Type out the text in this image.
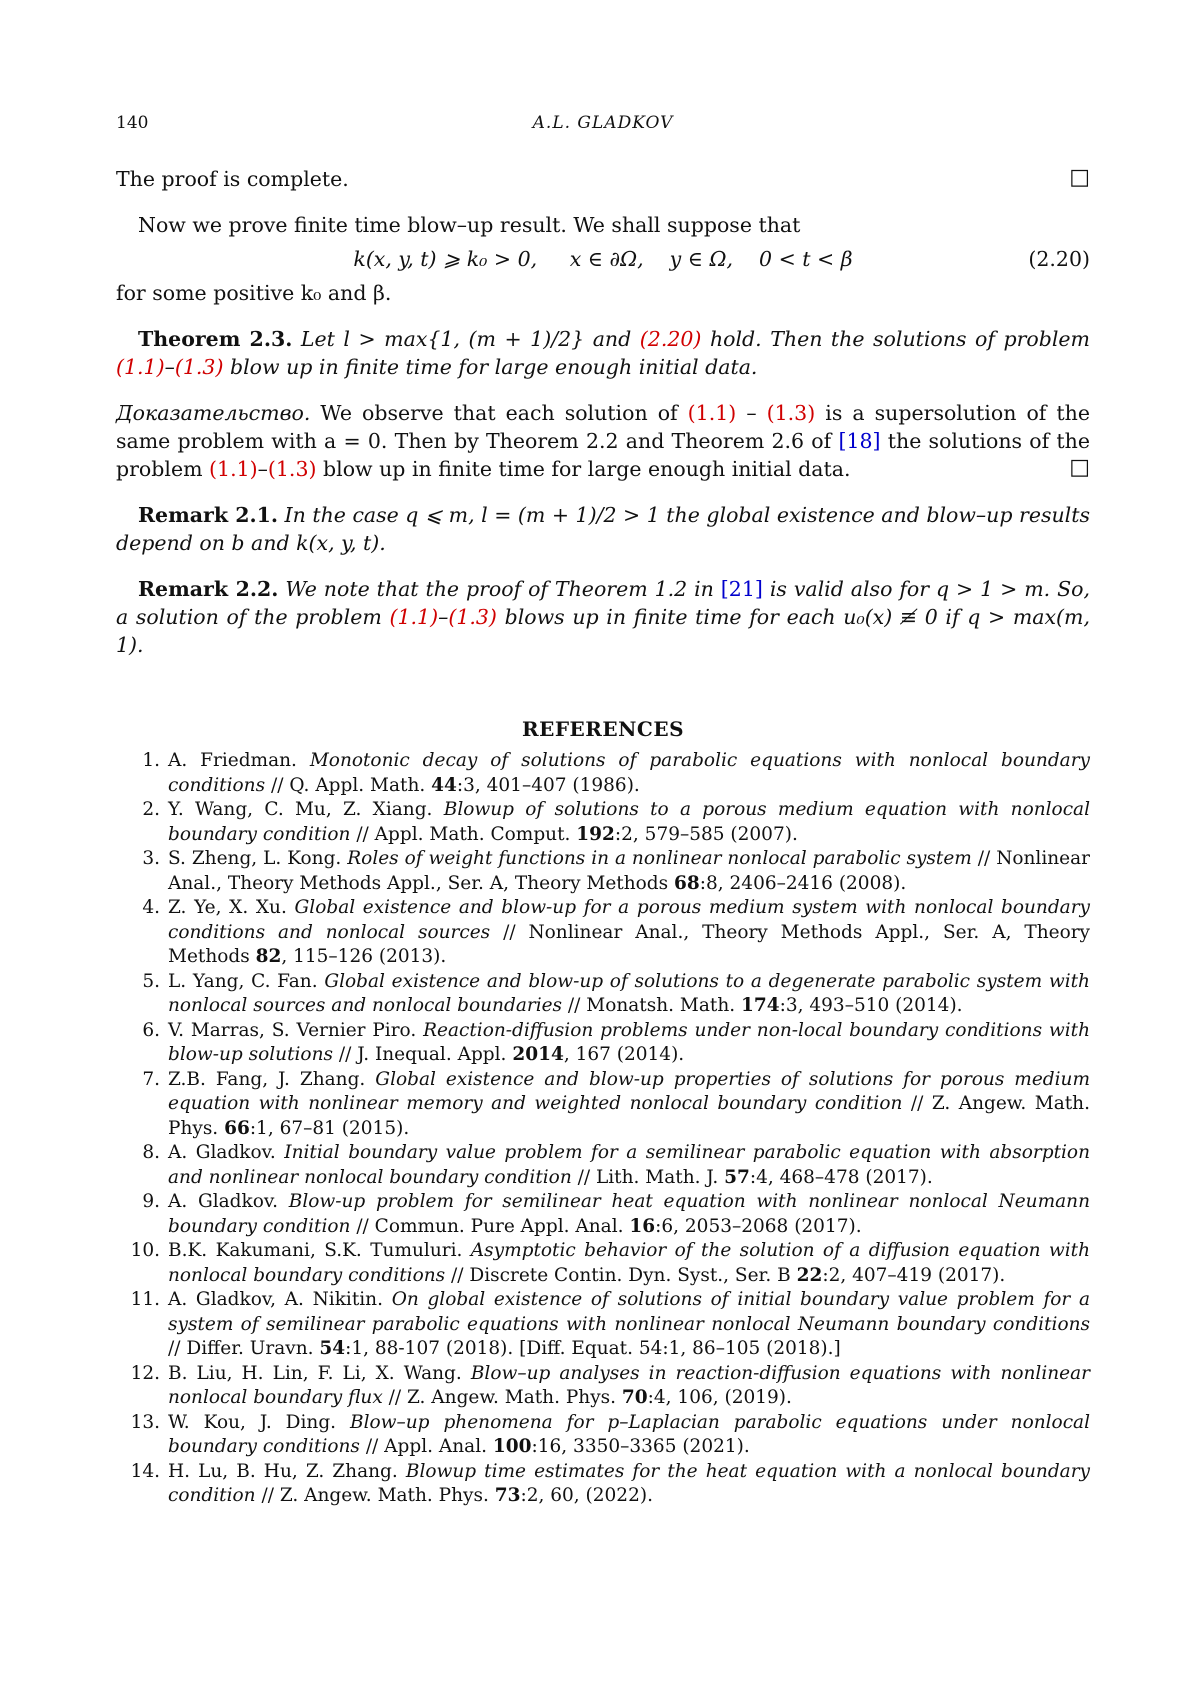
140	A.L. GLADKOV

The proof is complete.	□

Now we prove finite time blow–up result. We shall suppose that

k(x, y, t) ⩾ k₀ > 0,     x ∈ ∂Ω,    y ∈ Ω,    0 < t < β	(2.20)

for some positive k₀ and β.

Theorem 2.3. Let l > max{1, (m + 1)/2} and (2.20) hold. Then the solutions of problem (1.1)–(1.3) blow up in finite time for large enough initial data.

Доказательство. We observe that each solution of (1.1) – (1.3) is a supersolution of the same problem with a = 0. Then by Theorem 2.2 and Theorem 2.6 of [18] the solutions of the problem (1.1)–(1.3) blow up in finite time for large enough initial data.	□

Remark 2.1. In the case q ⩽ m, l = (m + 1)/2 > 1 the global existence and blow–up results depend on b and k(x, y, t).

Remark 2.2. We note that the proof of Theorem 1.2 in [21] is valid also for q > 1 > m. So, a solution of the problem (1.1)–(1.3) blows up in finite time for each u₀(x) ≢ 0 if q > max(m, 1).

REFERENCES
1. A. Friedman. Monotonic decay of solutions of parabolic equations with nonlocal boundary conditions // Q. Appl. Math. 44:3, 401–407 (1986).
2. Y. Wang, C. Mu, Z. Xiang. Blowup of solutions to a porous medium equation with nonlocal boundary condition // Appl. Math. Comput. 192:2, 579–585 (2007).
3. S. Zheng, L. Kong. Roles of weight functions in a nonlinear nonlocal parabolic system // Nonlinear Anal., Theory Methods Appl., Ser. A, Theory Methods 68:8, 2406–2416 (2008).
4. Z. Ye, X. Xu. Global existence and blow-up for a porous medium system with nonlocal boundary conditions and nonlocal sources // Nonlinear Anal., Theory Methods Appl., Ser. A, Theory Methods 82, 115–126 (2013).
5. L. Yang, C. Fan. Global existence and blow-up of solutions to a degenerate parabolic system with nonlocal sources and nonlocal boundaries // Monatsh. Math. 174:3, 493–510 (2014).
6. V. Marras, S. Vernier Piro. Reaction-diffusion problems under non-local boundary conditions with blow-up solutions // J. Inequal. Appl. 2014, 167 (2014).
7. Z.B. Fang, J. Zhang. Global existence and blow-up properties of solutions for porous medium equation with nonlinear memory and weighted nonlocal boundary condition // Z. Angew. Math. Phys. 66:1, 67–81 (2015).
8. A. Gladkov. Initial boundary value problem for a semilinear parabolic equation with absorption and nonlinear nonlocal boundary condition // Lith. Math. J. 57:4, 468–478 (2017).
9. A. Gladkov. Blow-up problem for semilinear heat equation with nonlinear nonlocal Neumann boundary condition // Commun. Pure Appl. Anal. 16:6, 2053–2068 (2017).
10. B.K. Kakumani, S.K. Tumuluri. Asymptotic behavior of the solution of a diffusion equation with nonlocal boundary conditions // Discrete Contin. Dyn. Syst., Ser. B 22:2, 407–419 (2017).
11. A. Gladkov, A. Nikitin. On global existence of solutions of initial boundary value problem for a system of semilinear parabolic equations with nonlinear nonlocal Neumann boundary conditions // Differ. Uravn. 54:1, 88-107 (2018). [Diff. Equat. 54:1, 86–105 (2018).]
12. B. Liu, H. Lin, F. Li, X. Wang. Blow–up analyses in reaction-diffusion equations with nonlinear nonlocal boundary flux // Z. Angew. Math. Phys. 70:4, 106, (2019).
13. W. Kou, J. Ding. Blow–up phenomena for p–Laplacian parabolic equations under nonlocal boundary conditions // Appl. Anal. 100:16, 3350–3365 (2021).
14. H. Lu, B. Hu, Z. Zhang. Blowup time estimates for the heat equation with a nonlocal boundary condition // Z. Angew. Math. Phys. 73:2, 60, (2022).
